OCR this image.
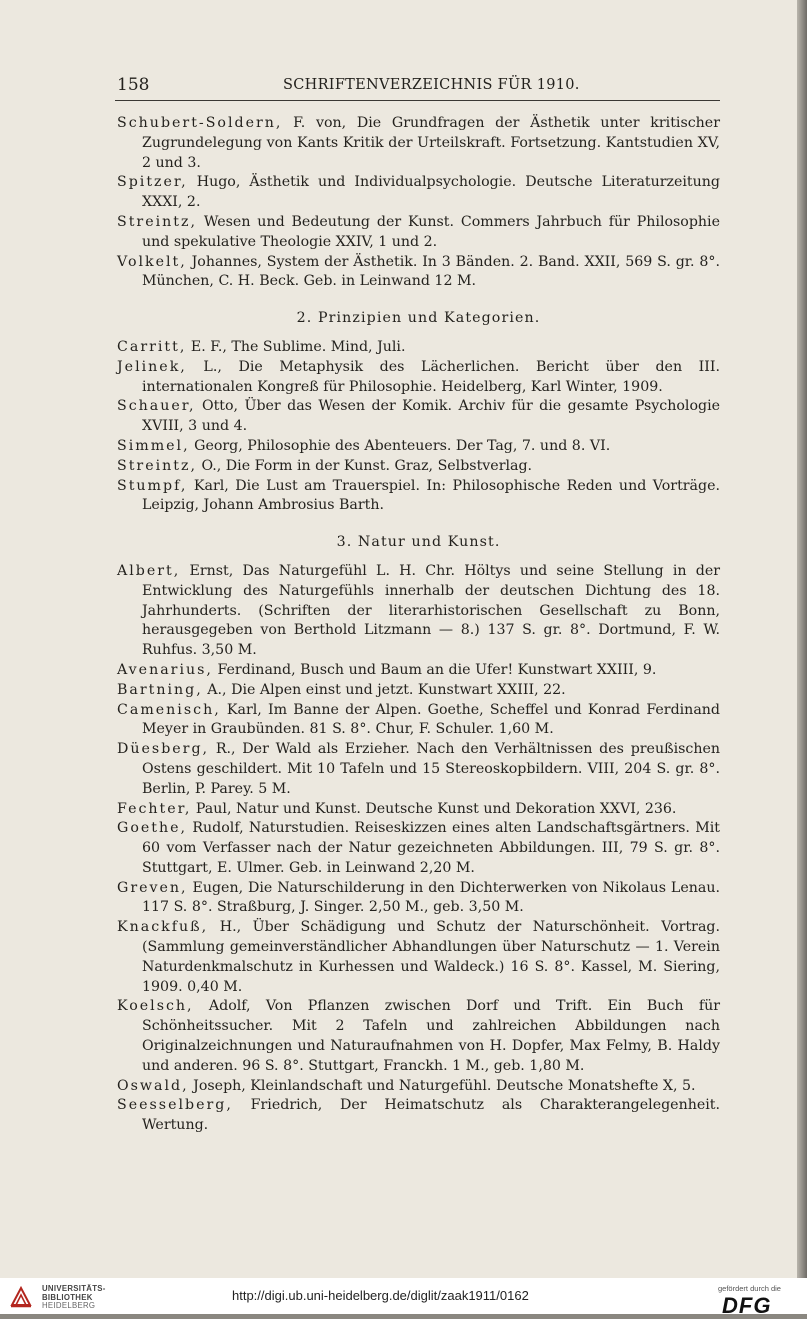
158	SCHRIFTENVERZEICHNIS FÜR 1910.
Schubert-Soldern, F. von, Die Grundfragen der Ästhetik unter kritischer Zugrundelegung von Kants Kritik der Urteilskraft. Fortsetzung. Kantstudien XV, 2 und 3.
Spitzer, Hugo, Ästhetik und Individualpsychologie. Deutsche Literaturzeitung XXXI, 2.
Streintz, Wesen und Bedeutung der Kunst. Commers Jahrbuch für Philosophie und spekulative Theologie XXIV, 1 und 2.
Volkelt, Johannes, System der Ästhetik. In 3 Bänden. 2. Band. XXII, 569 S. gr. 8°. München, C. H. Beck. Geb. in Leinwand 12 M.
2. Prinzipien und Kategorien.
Carritt, E. F., The Sublime. Mind, Juli.
Jelinek, L., Die Metaphysik des Lächerlichen. Bericht über den III. internationalen Kongreß für Philosophie. Heidelberg, Karl Winter, 1909.
Schauer, Otto, Über das Wesen der Komik. Archiv für die gesamte Psychologie XVIII, 3 und 4.
Simmel, Georg, Philosophie des Abenteuers. Der Tag, 7. und 8. VI.
Streintz, O., Die Form in der Kunst. Graz, Selbstverlag.
Stumpf, Karl, Die Lust am Trauerspiel. In: Philosophische Reden und Vorträge. Leipzig, Johann Ambrosius Barth.
3. Natur und Kunst.
Albert, Ernst, Das Naturgefühl L. H. Chr. Höltys und seine Stellung in der Entwicklung des Naturgefühls innerhalb der deutschen Dichtung des 18. Jahrhunderts. (Schriften der literarhistorischen Gesellschaft zu Bonn, herausgegeben von Berthold Litzmann — 8.) 137 S. gr. 8°. Dortmund, F. W. Ruhfus. 3,50 M.
Avenarius, Ferdinand, Busch und Baum an die Ufer! Kunstwart XXIII, 9.
Bartning, A., Die Alpen einst und jetzt. Kunstwart XXIII, 22.
Camenisch, Karl, Im Banne der Alpen. Goethe, Scheffel und Konrad Ferdinand Meyer in Graubünden. 81 S. 8°. Chur, F. Schuler. 1,60 M.
Düesberg, R., Der Wald als Erzieher. Nach den Verhältnissen des preußischen Ostens geschildert. Mit 10 Tafeln und 15 Stereoskopbildern. VIII, 204 S. gr. 8°. Berlin, P. Parey. 5 M.
Fechter, Paul, Natur und Kunst. Deutsche Kunst und Dekoration XXVI, 236.
Goethe, Rudolf, Naturstudien. Reiseskizzen eines alten Landschaftsgärtners. Mit 60 vom Verfasser nach der Natur gezeichneten Abbildungen. III, 79 S. gr. 8°. Stuttgart, E. Ulmer. Geb. in Leinwand 2,20 M.
Greven, Eugen, Die Naturschilderung in den Dichterwerken von Nikolaus Lenau. 117 S. 8°. Straßburg, J. Singer. 2,50 M., geb. 3,50 M.
Knackfuß, H., Über Schädigung und Schutz der Naturschönheit. Vortrag. (Sammlung gemeinverständlicher Abhandlungen über Naturschutz — 1. Verein Naturdenkmalschutz in Kurhessen und Waldeck.) 16 S. 8°. Kassel, M. Siering, 1909. 0,40 M.
Koelsch, Adolf, Von Pflanzen zwischen Dorf und Trift. Ein Buch für Schönheitssucher. Mit 2 Tafeln und zahlreichen Abbildungen nach Originalzeichnungen und Naturaufnahmen von H. Dopfer, Max Felmy, B. Haldy und anderen. 96 S. 8°. Stuttgart, Franckh. 1 M., geb. 1,80 M.
Oswald, Joseph, Kleinlandschaft und Naturgefühl. Deutsche Monatshefte X, 5.
Seesselberg, Friedrich, Der Heimatschutz als Charakterangelegenheit. Wertung.
UNIVERSITÄTS-
BIBLIOTHEK
HEIDELBERG
http://digi.ub.uni-heidelberg.de/diglit/zaak1911/0162	gefördert durch die
DFG
